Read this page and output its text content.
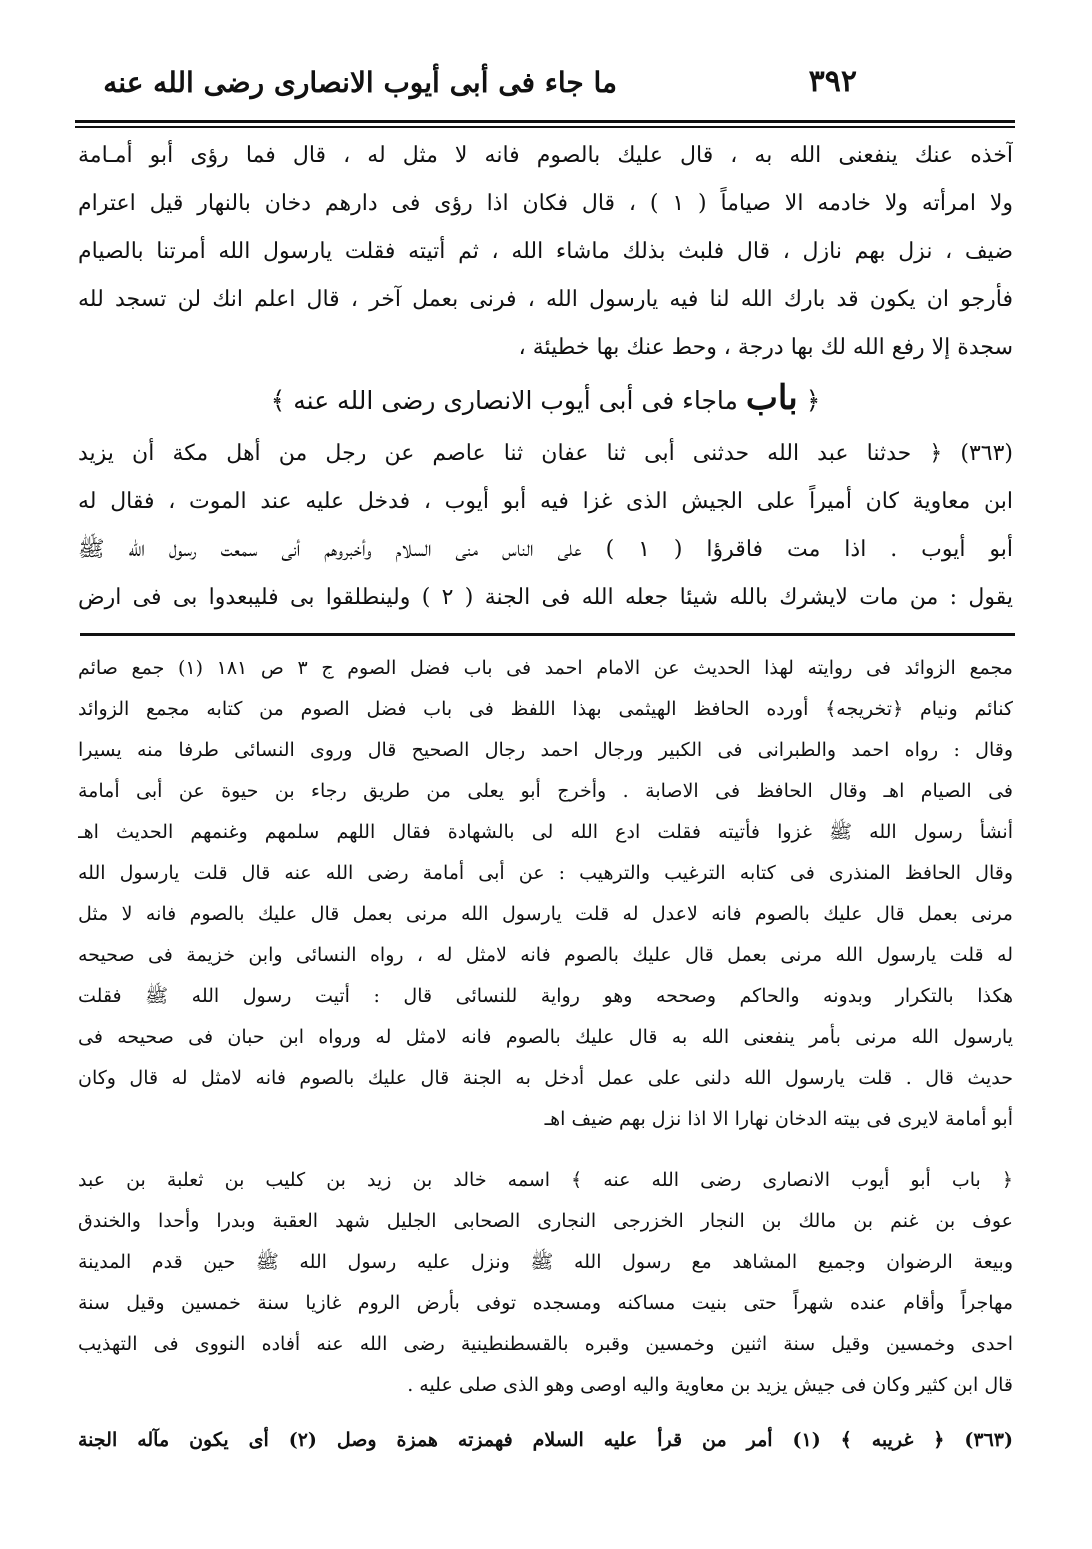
٣٩٢
ما جاء فى أبى أيوب الانصارى رضى الله عنه
آخذه عنك ينفعنى الله به ، قال عليك بالصوم فانه لا مثل له ، قال فما رؤى أبو أمـامة
ولا امرأته ولا خادمه الا صياماً ( ١ ) ، قال فكان اذا رؤى فى دارهم دخان بالنهار قيل اعترام
ضيف ، نزل بهم نازل ، قال فلبث بذلك ماشاء الله ، ثم أتيته فقلت يارسول الله أمرتنا بالصيام
فأرجو ان يكون قد بارك الله لنا فيه يارسول الله ، فرنى بعمل آخر ، قال اعلم انك لن تسجد لله
سجدة إلا رفع الله لك بها درجة ، وحط عنك بها خطيئة ،
﴿ باب ماجاء فى أبى أيوب الانصارى رضى الله عنه ﴾
(٣٦٣) ﴿ حدثنا عبد الله حدثنى أبى ثنا عفان ثنا عاصم عن رجل من أهل مكة أن يزيد
ابن معاوية كان أميراً على الجيش الذى غزا فيه أبو أيوب ، فدخل عليه عند الموت ، فقال له
أبو أيوب . اذا مت فاقرؤا ( ١ ) على الناس منى السلام وأخبروهم أنى سمعت رسول الله ﷺ
يقول : من مات لايشرك بالله شيئا جعله الله فى الجنة ( ٢ ) ولينطلقوا بى فليبعدوا بى فى ارض
مجمع الزوائد فى روايته لهذا الحديث عن الامام احمد فى باب فضل الصوم ج ٣ ص ١٨١ (١) جمع صائم
كنائم ونيام ﴿تخريجه﴾ أورده الحافظ الهيثمى بهذا اللفظ فى باب فضل الصوم من كتابه مجمع الزوائد
وقال : رواه احمد والطبرانى فى الكبير ورجال احمد رجال الصحيح قال وروى النسائى طرفا منه يسيرا
فى الصيام اهـ وقال الحافظ فى الاصابة . وأخرج أبو يعلى من طريق رجاء بن حيوة عن أبى أمامة
أنشأ رسول الله ﷺ غزوا فأتيته فقلت ادع الله لى بالشهادة فقال اللهم سلمهم وغنمهم الحديث اهـ
وقال الحافظ المنذرى فى كتابه الترغيب والترهيب : عن أبى أمامة رضى الله عنه قال قلت يارسول الله
مرنى بعمل قال عليك بالصوم فانه لاعدل له قلت يارسول الله مرنى بعمل قال عليك بالصوم فانه لا مثل
له قلت يارسول الله مرنى بعمل قال عليك بالصوم فانه لامثل له ، رواه النسائى وابن خزيمة فى صحيحه
هكذا بالتكرار وبدونه والحاكم وصححه وهو رواية للنسائى قال : أتيت رسول الله ﷺ فقلت
يارسول الله مرنى بأمر ينفعنى الله به قال عليك بالصوم فانه لامثل له ورواه ابن حبان فى صحيحه فى
حديث قال . قلت يارسول الله دلنى على عمل أدخل به الجنة قال عليك بالصوم فانه لامثل له قال وكان
أبو أمامة لايرى فى بيته الدخان نهارا الا اذا نزل بهم ضيف اهـ
﴿ باب أبو أيوب الانصارى رضى الله عنه ﴾ اسمه خالد بن زيد بن كليب بن ثعلبة بن عبد
عوف بن غنم بن مالك بن النجار الخزرجى النجارى الصحابى الجليل شهد العقبة وبدرا وأحدا والخندق
وبيعة الرضوان وجميع المشاهد مع رسول الله ﷺ ونزل عليه رسول الله ﷺ حين قدم المدينة
مهاجراً وأقام عنده شهراً حتى بنيت مساكنه ومسجده توفى بأرض الروم غازيا سنة خمسين وقيل سنة
احدى وخمسين وقيل سنة اثنين وخمسين وقبره بالقسطنطينية رضى الله عنه أفاده النووى فى التهذيب
قال ابن كثير وكان فى جيش يزيد بن معاوية واليه اوصى وهو الذى صلى عليه .
(٣٦٣) ﴿ غريبه ﴾ (١) أمر من قرأ عليه السلام فهمزته همزة وصل (٢) أى يكون مآله الجنة
